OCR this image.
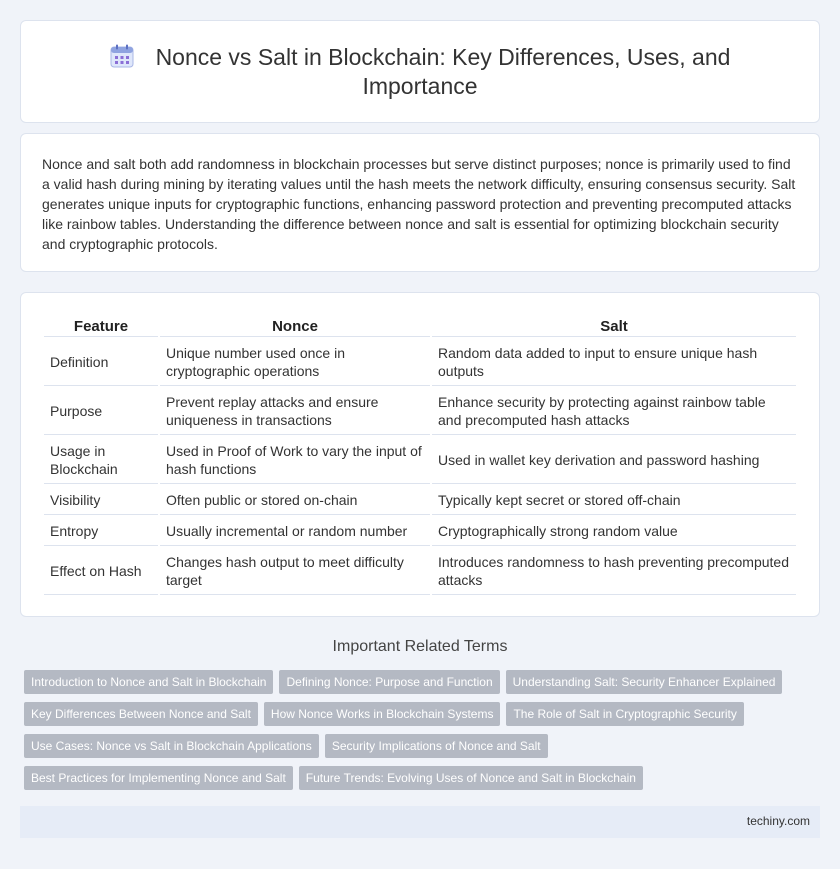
Nonce vs Salt in Blockchain: Key Differences, Uses, and
Importance

Nonce and salt both add randomness in blockchain processes but serve distinct purposes; nonce is primarily used to find a valid hash during mining by iterating values until the hash meets the network difficulty, ensuring consensus security. Salt generates unique inputs for cryptographic functions, enhancing password protection and preventing precomputed attacks like rainbow tables. Understanding the difference between nonce and salt is essential for optimizing blockchain security and cryptographic protocols.

Feature	Nonce	Salt
Definition	Unique number used once in cryptographic operations	Random data added to input to ensure unique hash outputs
Purpose	Prevent replay attacks and ensure uniqueness in transactions	Enhance security by protecting against rainbow table and precomputed hash attacks
Usage in Blockchain	Used in Proof of Work to vary the input of hash functions	Used in wallet key derivation and password hashing
Visibility	Often public or stored on-chain	Typically kept secret or stored off-chain
Entropy	Usually incremental or random number	Cryptographically strong random value
Effect on Hash	Changes hash output to meet difficulty target	Introduces randomness to hash preventing precomputed attacks
Important Related Terms
Introduction to Nonce and Salt in Blockchain Defining Nonce: Purpose and Function Understanding Salt: Security Enhancer Explained
Key Differences Between Nonce and Salt How Nonce Works in Blockchain Systems The Role of Salt in Cryptographic Security
Use Cases: Nonce vs Salt in Blockchain Applications Security Implications of Nonce and Salt
Best Practices for Implementing Nonce and Salt Future Trends: Evolving Uses of Nonce and Salt in Blockchain
techiny.com
